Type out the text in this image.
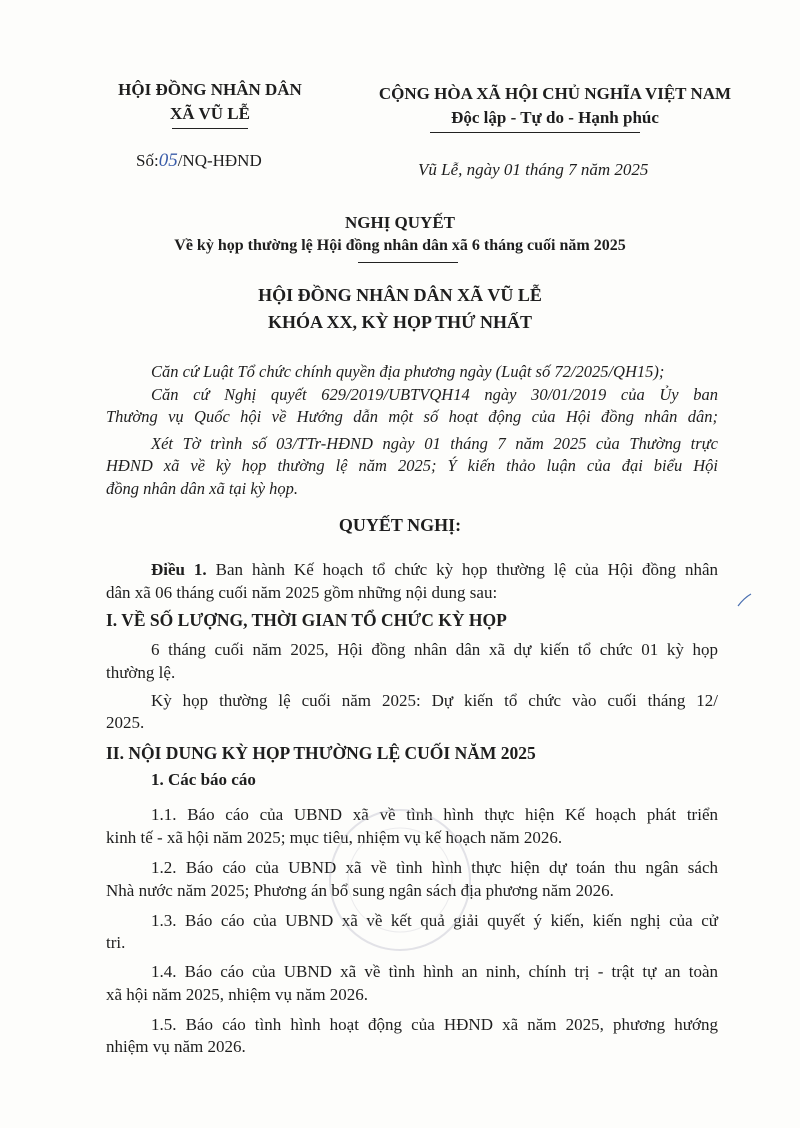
HỘI ĐỒNG NHÂN DÂN
XÃ VŨ LỄ
CỘNG HÒA XÃ HỘI CHỦ NGHĨA VIỆT NAM
Độc lập - Tự do - Hạnh phúc
Số:05/NQ-HĐND	Vũ Lễ, ngày 01 tháng 7 năm 2025
NGHỊ QUYẾT
Về kỳ họp thường lệ Hội đồng nhân dân xã 6 tháng cuối năm 2025
HỘI ĐỒNG NHÂN DÂN XÃ VŨ LỄ
KHÓA XX, KỲ HỌP THỨ NHẤT
Căn cứ Luật Tổ chức chính quyền địa phương ngày (Luật số 72/2025/QH15);
Căn cứ Nghị quyết 629/2019/UBTVQH14 ngày 30/01/2019 của Ủy ban
Thường vụ Quốc hội về Hướng dẫn một số hoạt động của Hội đồng nhân dân;
Xét Tờ trình số 03/TTr-HĐND ngày 01 tháng 7 năm 2025 của Thường trực
HĐND xã về kỳ họp thường lệ năm 2025; Ý kiến thảo luận của đại biểu Hội
đồng nhân dân xã tại kỳ họp.
QUYẾT NGHỊ:
Điều 1. Ban hành Kế hoạch tổ chức kỳ họp thường lệ của Hội đồng nhân
dân xã 06 tháng cuối năm 2025 gồm những nội dung sau:
I. VỀ SỐ LƯỢNG, THỜI GIAN TỔ CHỨC KỲ HỌP
6 tháng cuối năm 2025, Hội đồng nhân dân xã dự kiến tổ chức 01 kỳ họp
thường lệ.
Kỳ họp thường lệ cuối năm 2025: Dự kiến tổ chức vào cuối tháng 12/
2025.
II. NỘI DUNG KỲ HỌP THƯỜNG LỆ CUỐI NĂM 2025
1. Các báo cáo
1.1. Báo cáo của UBND xã về tình hình thực hiện Kế hoạch phát triển
kinh tế - xã hội năm 2025; mục tiêu, nhiệm vụ kế hoạch năm 2026.
1.2. Báo cáo của UBND xã về tình hình thực hiện dự toán thu ngân sách
Nhà nước năm 2025; Phương án bổ sung ngân sách địa phương năm 2026.
1.3. Báo cáo của UBND xã về kết quả giải quyết ý kiến, kiến nghị của cử
tri.
1.4. Báo cáo của UBND xã về tình hình an ninh, chính trị - trật tự an toàn
xã hội năm 2025, nhiệm vụ năm 2026.
1.5. Báo cáo tình hình hoạt động của HĐND xã năm 2025, phương hướng
nhiệm vụ năm 2026.
